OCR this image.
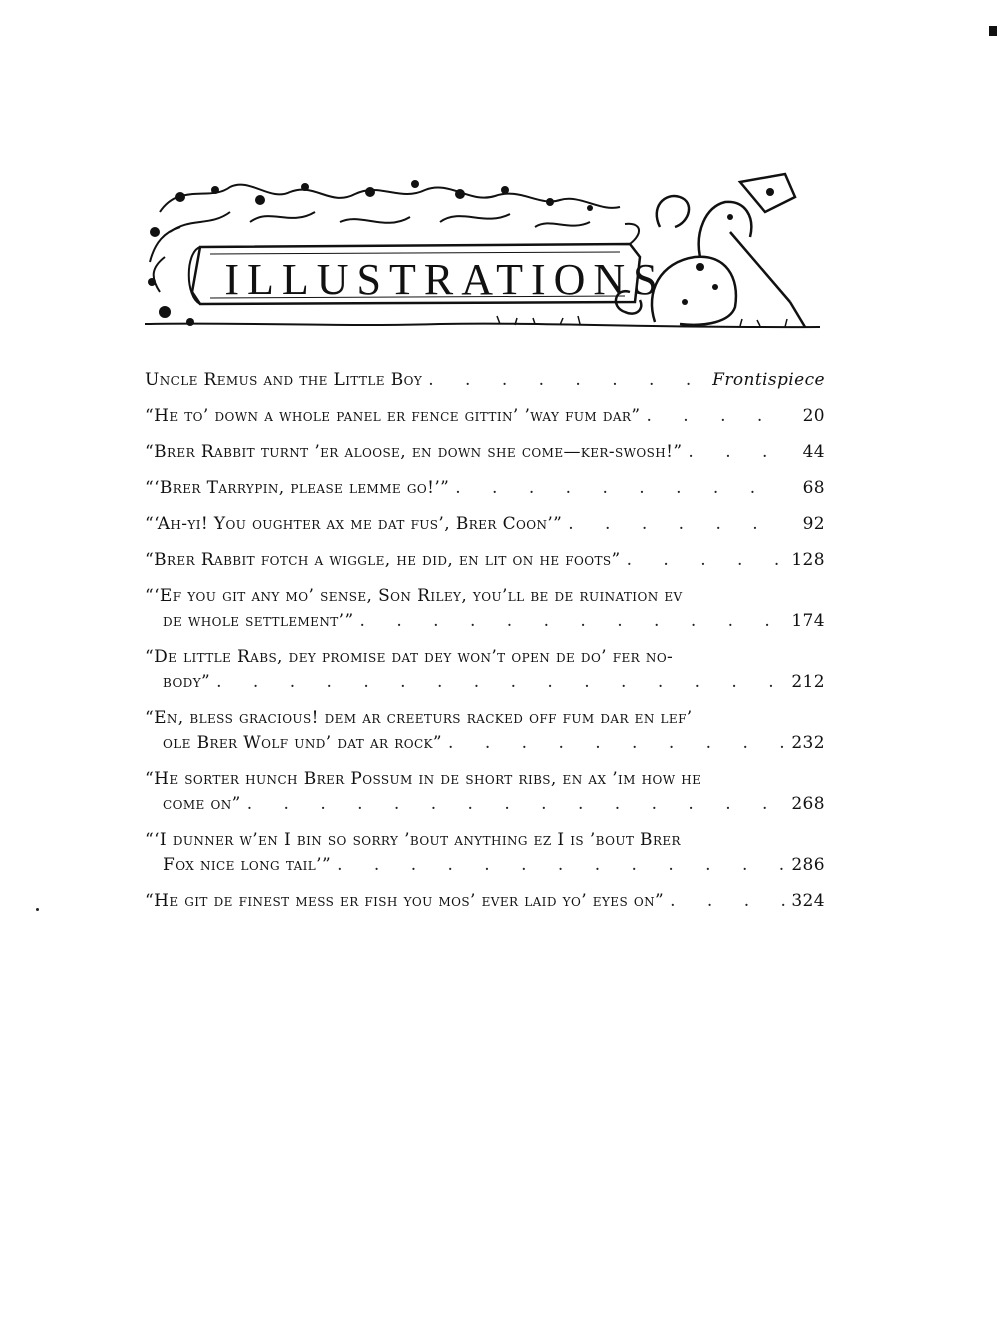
ILLUSTRATIONS
Uncle Remus and the Little Boy . . .	Frontispiece
“He to’ down a whole panel er fence gittin’ ’way fum dar” . . .	20
“Brer Rabbit turnt ’er aloose, en down she come—ker-swosh!” . . .	44
“‘Brer Tarrypin, please lemme go!’” . . .	68
“‘Ah-yi! You oughter ax me dat fus’, Brer Coon’” . . .	92
“Brer Rabbit fotch a wiggle, he did, en lit on he foots” . . .	128
“‘Ef you git any mo’ sense, Son Riley, you’ll be de ruination ev
de whole settlement’” . . .	174
“De little Rabs, dey promise dat dey won’t open de do’ fer no-
body” . . .	212
“En, bless gracious! dem ar creeturs racked off fum dar en lef’
ole Brer Wolf und’ dat ar rock” . . .	232
“He sorter hunch Brer Possum in de short ribs, en ax ’im how he
come on” . . .	268
“‘I dunner w’en I bin so sorry ’bout anything ez I is ’bout Brer
Fox nice long tail’” . . .	286
“He git de finest mess er fish you mos’ ever laid yo’ eyes on” . . .	324
